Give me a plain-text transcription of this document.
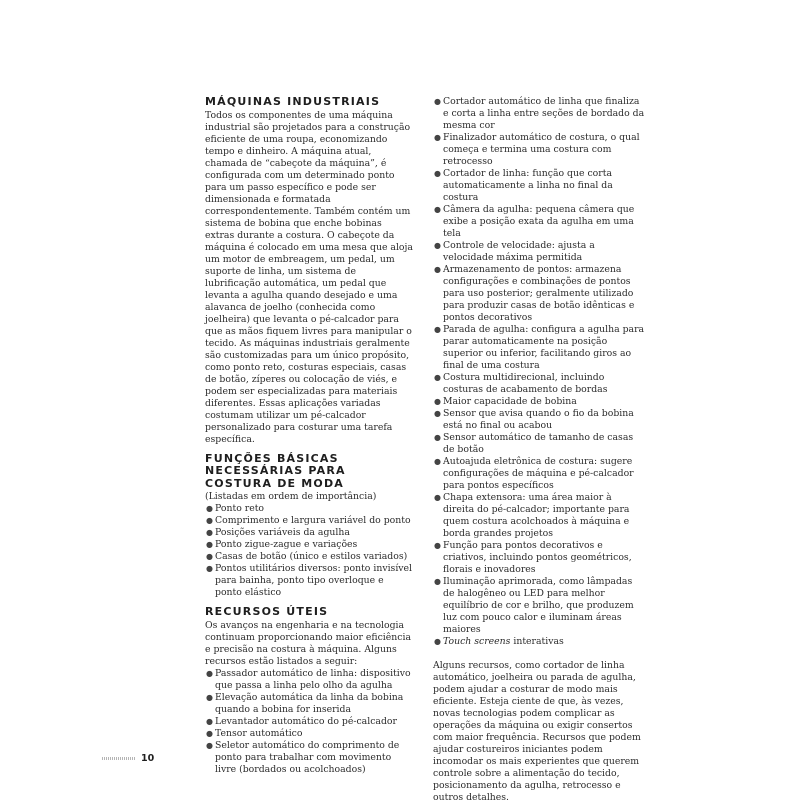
MÁQUINAS INDUSTRIAIS

Todos os componentes de uma máquina industrial são projetados para a construção eficiente de uma roupa, economizando tempo e dinheiro. A máquina atual, chamada de “cabeçote da máquina”, é configurada com um determinado ponto para um passo específico e pode ser dimensionada e formatada correspondentemente. Também contém um sistema de bobina que enche bobinas extras durante a costura. O cabeçote da máquina é colocado em uma mesa que aloja um motor de embreagem, um pedal, um suporte de linha, um sistema de lubrificação automática, um pedal que levanta a agulha quando desejado e uma alavanca de joelho (conhecida como joelheira) que levanta o pé-calcador para que as mãos fiquem livres para manipular o tecido. As máquinas industriais geralmente são customizadas para um único propósito, como ponto reto, costuras especiais, casas de botão, zíperes ou colocação de viés, e podem ser especializadas para materiais diferentes. Essas aplicações variadas costumam utilizar um pé-calcador personalizado para costurar uma tarefa específica.

FUNÇÕES BÁSICAS NECESSÁRIAS PARA COSTURA DE MODA

(Listadas em ordem de importância)

● Ponto reto
● Comprimento e largura variável do ponto
● Posições variáveis da agulha
● Ponto zigue-zague e variações
● Casas de botão (único e estilos variados)
● Pontos utilitários diversos: ponto invisível para bainha, ponto tipo overloque e ponto elástico
RECURSOS ÚTEIS

Os avanços na engenharia e na tecnologia continuam proporcionando maior eficiência e precisão na costura à máquina. Alguns recursos estão listados a seguir:

● Passador automático de linha: dispositivo que passa a linha pelo olho da agulha
● Elevação automática da linha da bobina quando a bobina for inserida
● Levantador automático do pé-calcador
● Tensor automático
● Seletor automático do comprimento de ponto para trabalhar com movimento livre (bordados ou acolchoados)
● Cortador automático de linha que finaliza e corta a linha entre seções de bordado da mesma cor
● Finalizador automático de costura, o qual começa e termina uma costura com retrocesso
● Cortador de linha: função que corta automaticamente a linha no final da costura
● Câmera da agulha: pequena câmera que exibe a posição exata da agulha em uma tela
● Controle de velocidade: ajusta a velocidade máxima permitida
● Armazenamento de pontos: armazena configurações e combinações de pontos para uso posterior; geralmente utilizado para produzir casas de botão idênticas e pontos decorativos
● Parada de agulha: configura a agulha para parar automaticamente na posição superior ou inferior, facilitando giros ao final de uma costura
● Costura multidirecional, incluindo costuras de acabamento de bordas
● Maior capacidade de bobina
● Sensor que avisa quando o fio da bobina está no final ou acabou
● Sensor automático de tamanho de casas de botão
● Autoajuda eletrônica de costura: sugere configurações de máquina e pé-calcador para pontos específicos
● Chapa extensora: uma área maior à direita do pé-calcador; importante para quem costura acolchoados à máquina e borda grandes projetos
● Função para pontos decorativos e criativos, incluindo pontos geométricos, florais e inovadores
● Iluminação aprimorada, como lâmpadas de halogêneo ou LED para melhor equilíbrio de cor e brilho, que produzem luz com pouco calor e iluminam áreas maiores
● Touch screens interativas

Alguns recursos, como cortador de linha automático, joelheira ou parada de agulha, podem ajudar a costurar de modo mais eficiente. Esteja ciente de que, às vezes, novas tecnologias podem complicar as operações da máquina ou exigir consertos com maior frequência. Recursos que podem ajudar costureiros iniciantes podem incomodar os mais experientes que querem controle sobre a alimentação do tecido, posicionamento da agulha, retrocesso e outros detalhes.

10
